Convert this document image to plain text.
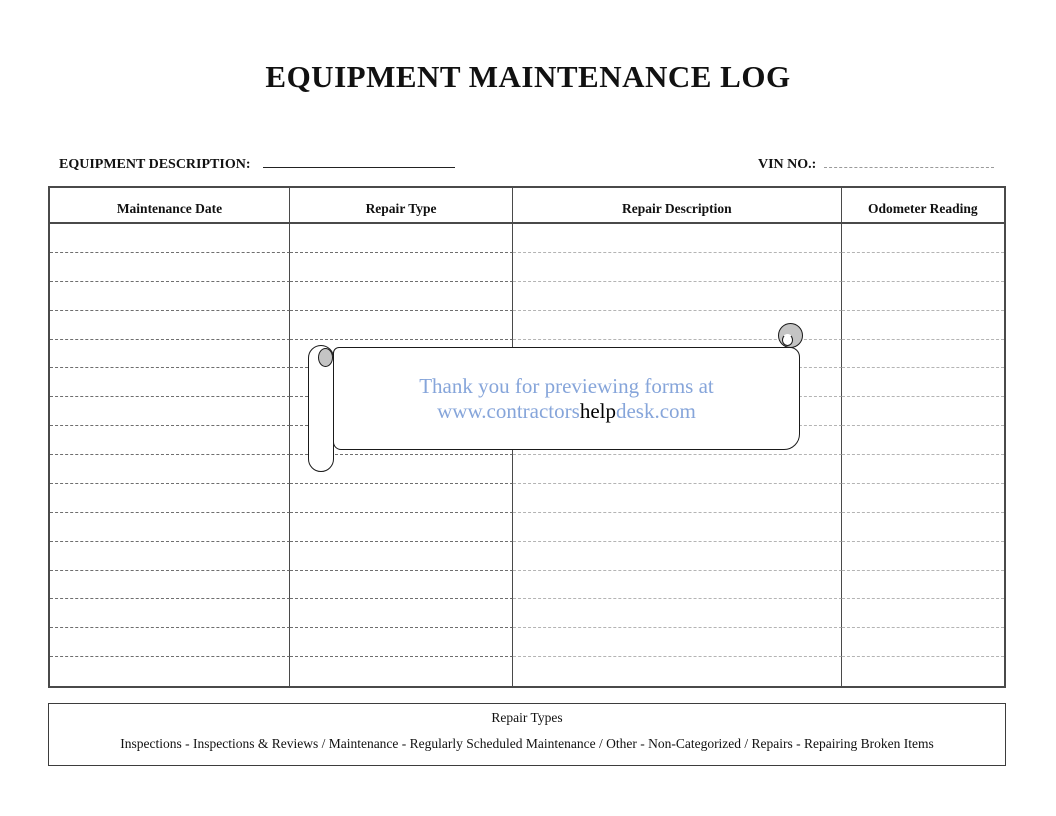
EQUIPMENT MAINTENANCE LOG
EQUIPMENT DESCRIPTION:	VIN NO.:
Maintenance Date	Repair Type	Repair Description	Odometer Reading
Thank you for previewing forms at
www.contractorshelpdesk.com
Repair Types
Inspections - Inspections & Reviews / Maintenance - Regularly Scheduled Maintenance / Other - Non-Categorized / Repairs - Repairing Broken Items
